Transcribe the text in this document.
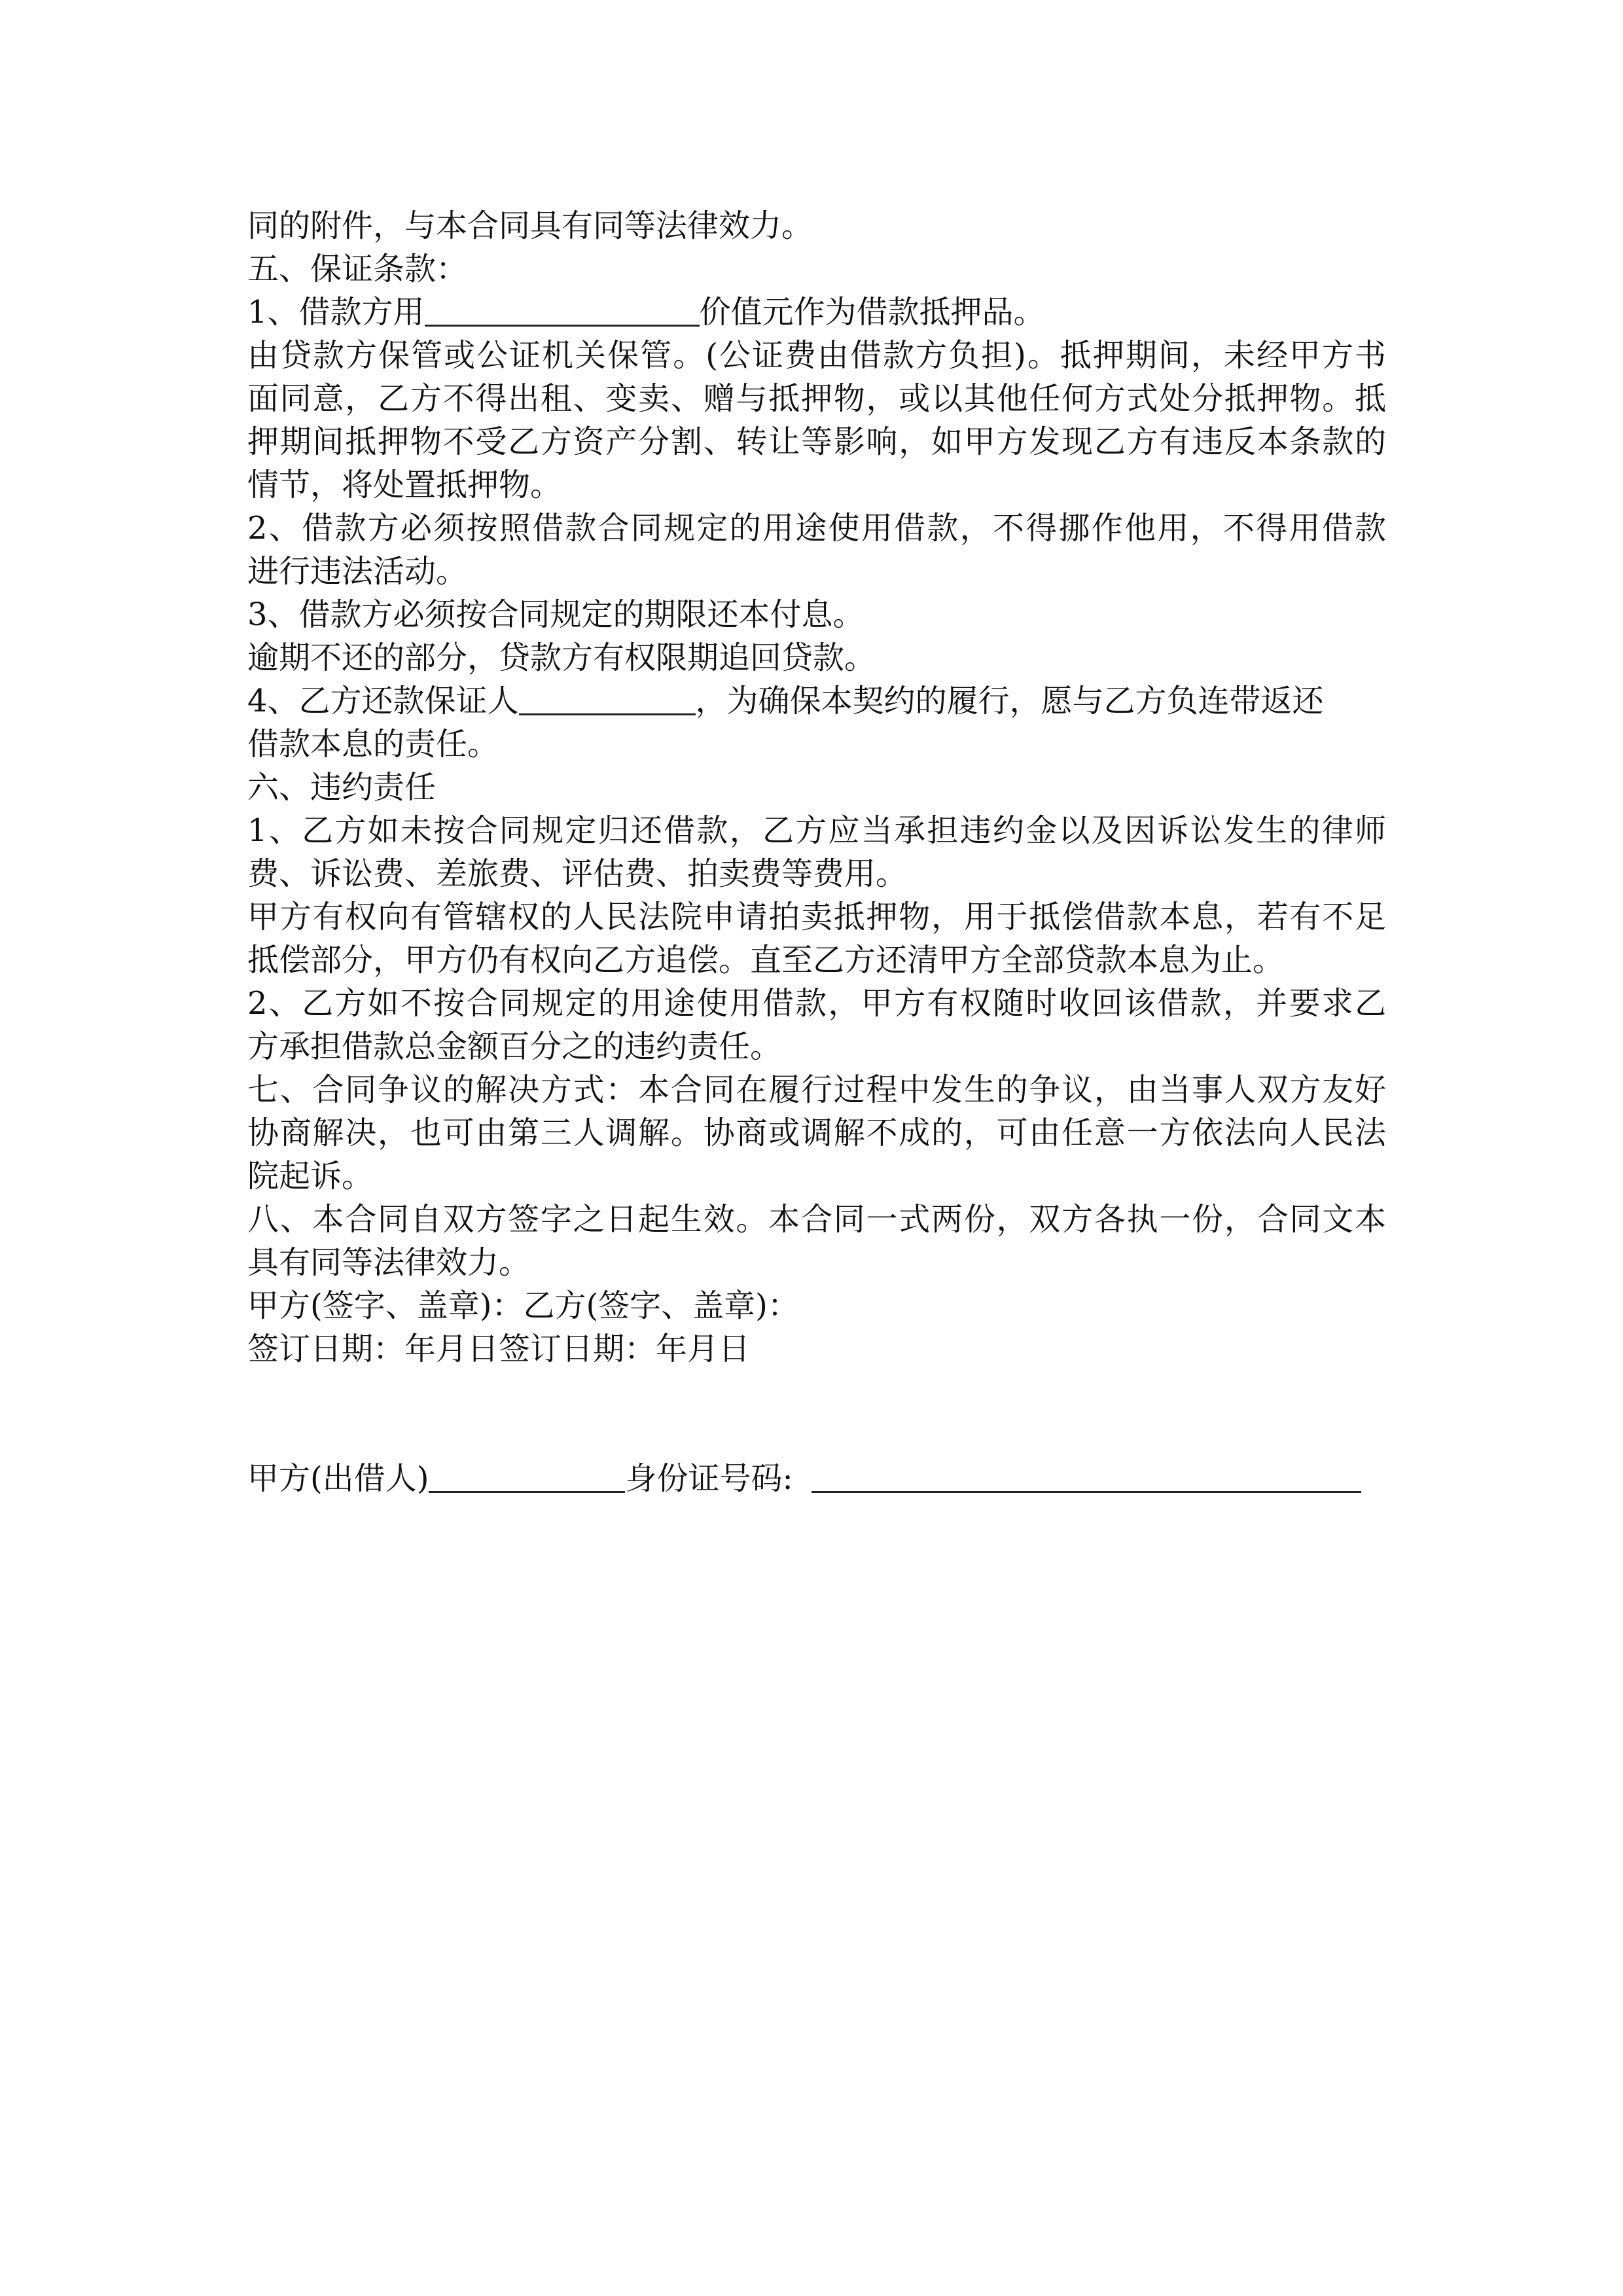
同的附件，与本合同具有同等法律效力。
五、保证条款：
1、借款方用	价值元作为借款抵押品。
由贷款方保管或公证机关保管。(公证费由借款方负担)。抵押期间，未经甲方书
面同意，乙方不得出租、变卖、赠与抵押物，或以其他任何方式处分抵押物。抵
押期间抵押物不受乙方资产分割、转让等影响，如甲方发现乙方有违反本条款的
情节，将处置抵押物。
2、借款方必须按照借款合同规定的用途使用借款，不得挪作他用，不得用借款
进行违法活动。
3、借款方必须按合同规定的期限还本付息。
逾期不还的部分，贷款方有权限期追回贷款。
4、乙方还款保证人	，为确保本契约的履行，愿与乙方负连带返还
借款本息的责任。
六、违约责任
1、乙方如未按合同规定归还借款，乙方应当承担违约金以及因诉讼发生的律师
费、诉讼费、差旅费、评估费、拍卖费等费用。
甲方有权向有管辖权的人民法院申请拍卖抵押物，用于抵偿借款本息，若有不足
抵偿部分，甲方仍有权向乙方追偿。直至乙方还清甲方全部贷款本息为止。
2、乙方如不按合同规定的用途使用借款，甲方有权随时收回该借款，并要求乙
方承担借款总金额百分之的违约责任。
七、合同争议的解决方式：本合同在履行过程中发生的争议，由当事人双方友好
协商解决，也可由第三人调解。协商或调解不成的，可由任意一方依法向人民法
院起诉。
八、本合同自双方签字之日起生效。本合同一式两份，双方各执一份，合同文本
具有同等法律效力。
甲方(签字、盖章)：乙方(签字、盖章)：
签订日期：年月日签订日期：年月日
甲方(出借人)	身份证号码:
